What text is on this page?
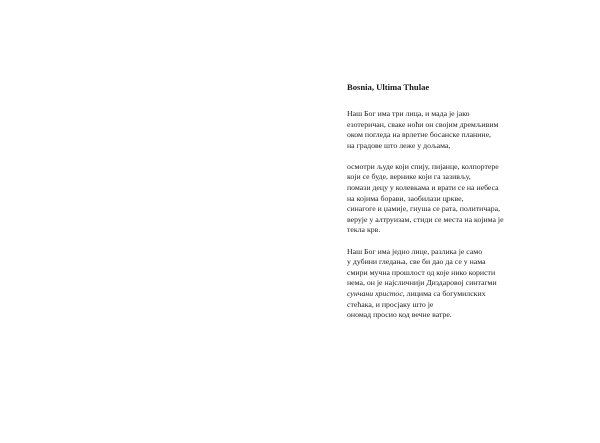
Bosnia, Ultima Thulae
Наш Бог има три лица, и мада је јако
езотеричан, сваке ноћи он својим дремљивим
оком погледа на врлетне босанске планине,
на градове што леже у дољама,
осмотри људе који спију, пијанце, колпортере
који се буде, вернике који га зазивљу,
помази децу у колевкама и врати се на небеса
на којима борави, заобилази цркве,
синагоге и џамије, гнуша се рата, политичара,
верује у алтруизам, стиди се места на којима је
текла крв.
Наш Бог има једно лице, разлика је само
у дубини гледања, све би дао да се у нама
смири мучна прошлост од које нико користи
нема, он је најсличнији Диздаровој синтагми
сунчани христос, лицима са богумилских
стећака, и просјаку што је
ономад просио код вечне ватре.
